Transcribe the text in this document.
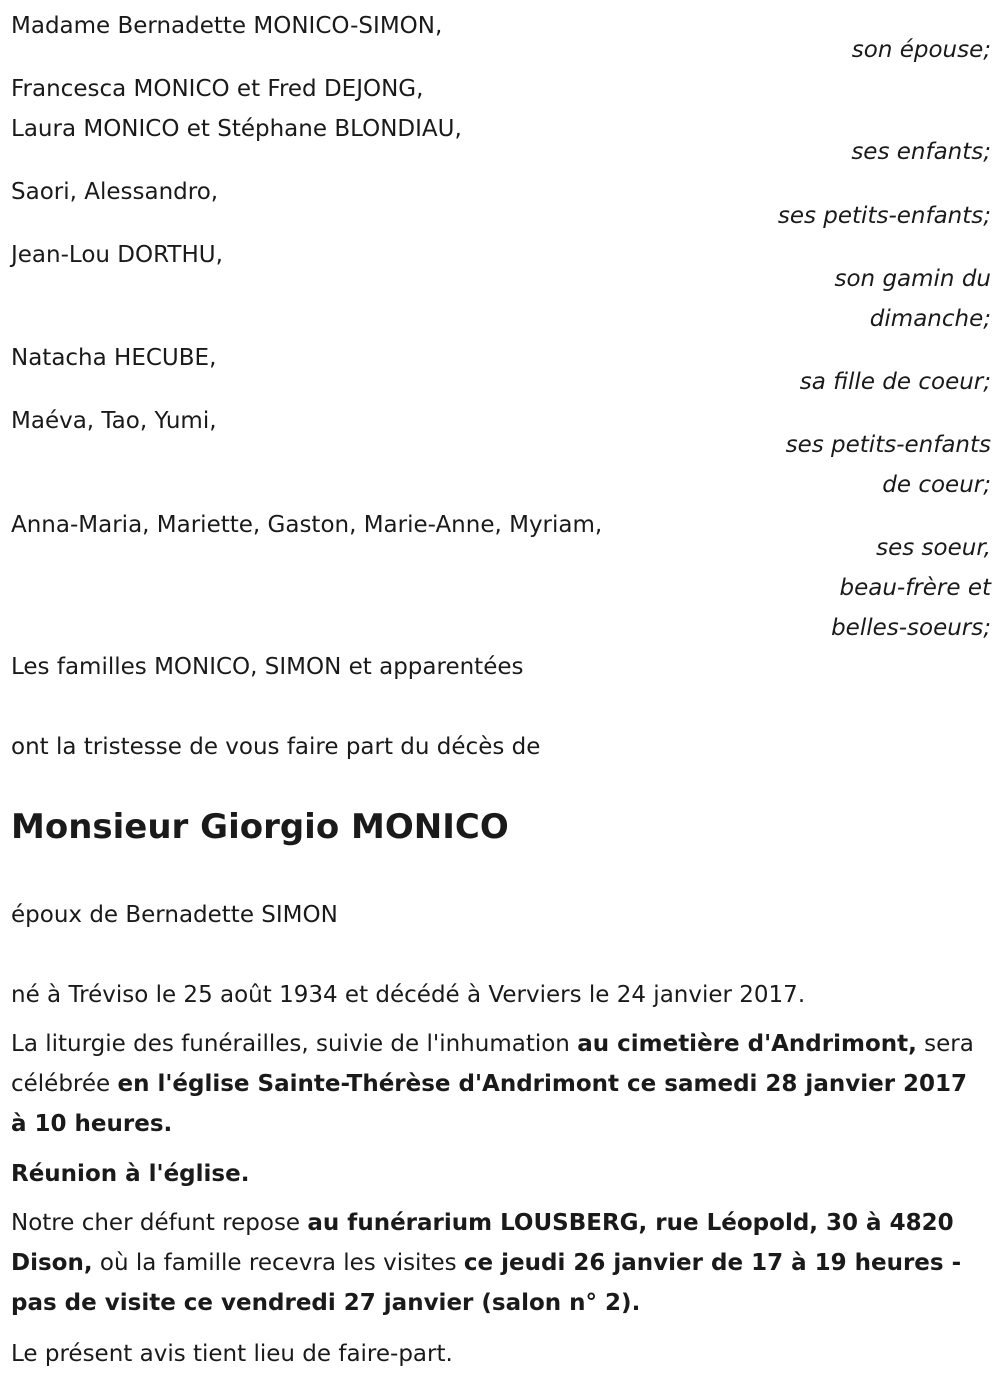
Madame Bernadette MONICO-SIMON,
son épouse;
Francesca MONICO et Fred DEJONG,
Laura MONICO et Stéphane BLONDIAU,
ses enfants;
Saori, Alessandro,
ses petits-enfants;
Jean-Lou DORTHU,
son gamin du
dimanche;
Natacha HECUBE,
sa fille de coeur;
Maéva, Tao, Yumi,
ses petits-enfants
de coeur;
Anna-Maria, Mariette, Gaston, Marie-Anne, Myriam,
ses soeur,
beau-frère et
belles-soeurs;
Les familles MONICO, SIMON et apparentées
ont la tristesse de vous faire part du décès de
Monsieur Giorgio MONICO
époux de Bernadette SIMON
né à Tréviso le 25 août 1934 et décédé à Verviers le 24 janvier 2017.
La liturgie des funérailles, suivie de l'inhumation au cimetière d'Andrimont, sera célébrée en l'église Sainte-Thérèse d'Andrimont ce samedi 28 janvier 2017 à 10 heures.
Réunion à l'église.
Notre cher défunt repose au funérarium LOUSBERG, rue Léopold, 30 à 4820 Dison, où la famille recevra les visites ce jeudi 26 janvier de 17 à 19 heures - pas de visite ce vendredi 27 janvier (salon n° 2).
Le présent avis tient lieu de faire-part.
